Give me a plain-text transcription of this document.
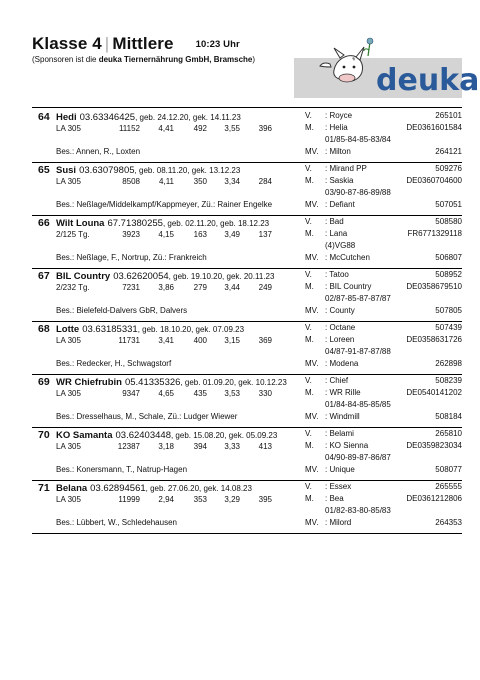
Klasse 4 | Mittlere 10:23 Uhr
(Sponsoren ist die deuka Tiernernährung GmbH, Bramsche)
deuka
64 Hedi 03.63346425, geb. 24.12.20, gek. 14.11.23
LA 305	11152 4,41 492 3,55 396
Bes.: Annen, R., Loxten
V. : Royce	265101
M. : Helia	DE0361601584
01/85-84-85-83/84
MV. : Milton	264121
65 Susi 03.63079805, geb. 08.11.20, gek. 13.12.23
LA 305	8508 4,11 350 3,34 284
Bes.: Neßlage/Middelkampf/Kappmeyer, Zü.: Rainer Engelke
V. : Mirand PP	509276
M. : Saskia	DE0360704600
03/90-87-86-89/88
MV. : Defiant	507051
66 Wilt Louna 67.71380255, geb. 02.11.20, geb. 18.12.23
2/125 Tg.	3923 4,15 163 3,49 137
Bes.: Neßlage, F., Nortrup, Zü.: Frankreich
V. : Bad	508580
M. : Lana	FR6771329118
(4)VG88
MV. : McCutchen	506807
67 BIL Country 03.62620054, geb. 19.10.20, gek. 20.11.23
2/232 Tg.	7231 3,86 279 3,44 249
Bes.: Bielefeld-Dalvers GbR, Dalvers
V. : Tatoo	508952
M. : BIL Country	DE0358679510
02/87-85-87-87/87
MV. : County	507805
68 Lotte 03.63185331, geb. 18.10.20, gek. 07.09.23
LA 305	11731 3,41 400 3,15 369
Bes.: Redecker, H., Schwagstorf
V. : Octane	507439
M. : Loreen	DE0358631726
04/87-91-87-87/88
MV. : Modena	262898
69 WR Chiefrubin 05.41335326, geb. 01.09.20, gek. 10.12.23
LA 305	9347 4,65 435 3,53 330
Bes.: Dresselhaus, M., Schale, Zü.: Ludger Wiewer
V. : Chief	508239
M. : WR Rille	DE0540141202
01/84-84-85-85/85
MV. : Windmill	508184
70 KO Samanta 03.62403448, geb. 15.08.20, gek. 05.09.23
LA 305	12387 3,18 394 3,33 413
Bes.: Konersmann, T., Natrup-Hagen
V. : Belami	265810
M. : KO Sienna	DE0359823034
04/90-89-87-86/87
MV. : Unique	508077
71 Belana 03.62894561, geb. 27.06.20, gek. 14.08.23
LA 305	11999 2,94 353 3,29 395
Bes.: Lübbert, W., Schledehausen
V. : Essex	265555
M. : Bea	DE0361212806
01/82-83-80-85/83
MV. : Milord	264353
